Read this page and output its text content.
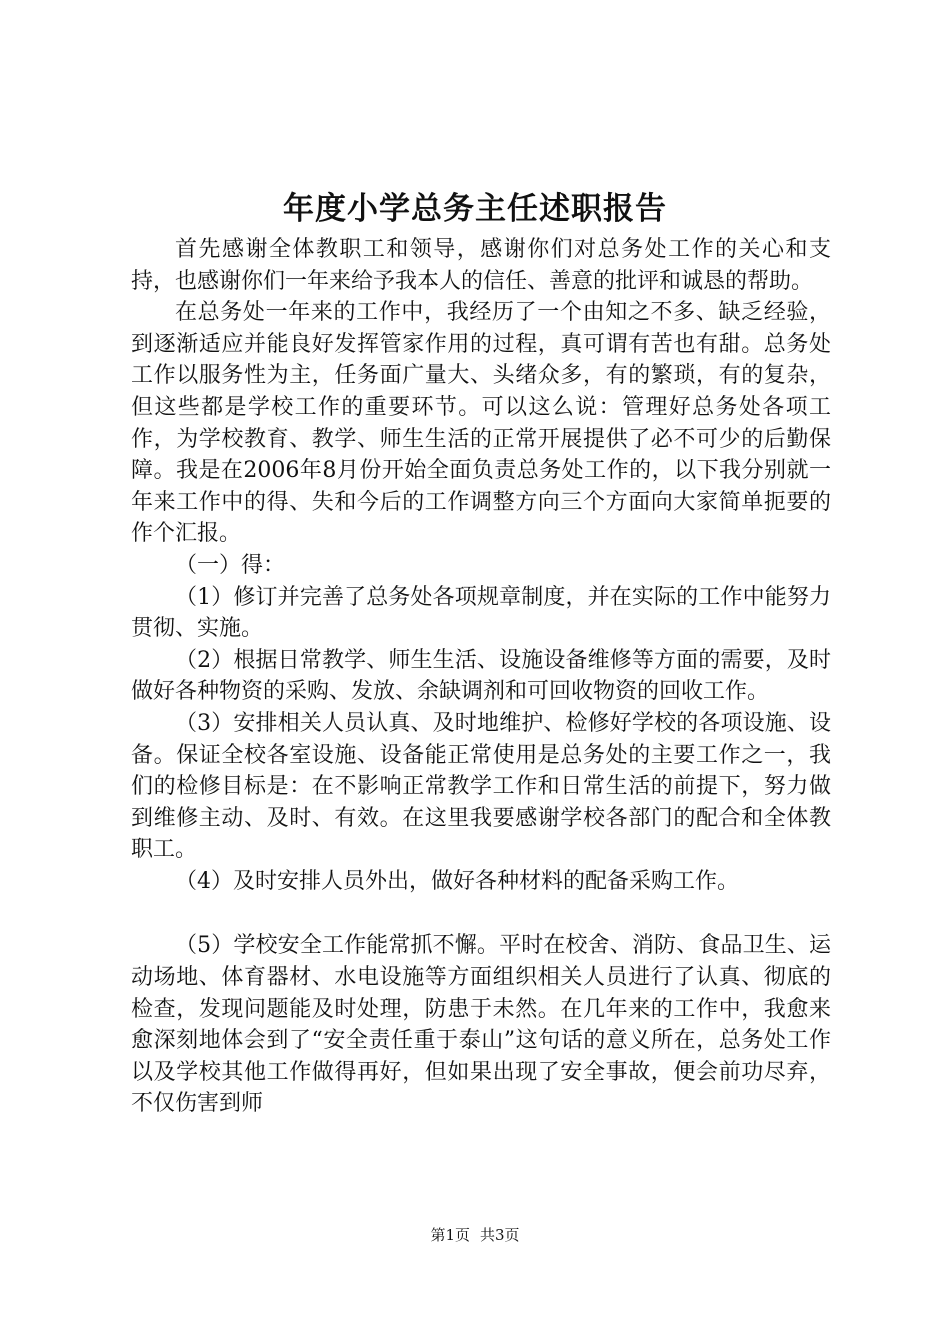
年度小学总务主任述职报告

首先感谢全体教职工和领导，感谢你们对总务处工作的关心和支持，也感谢你们一年来给予我本人的信任、善意的批评和诚恳的帮助。

在总务处一年来的工作中，我经历了一个由知之不多、缺乏经验，到逐渐适应并能良好发挥管家作用的过程，真可谓有苦也有甜。总务处工作以服务性为主，任务面广量大、头绪众多，有的繁琐，有的复杂，但这些都是学校工作的重要环节。可以这么说：管理好总务处各项工作，为学校教育、教学、师生生活的正常开展提供了必不可少的后勤保障。我是在2006年8月份开始全面负责总务处工作的，以下我分别就一年来工作中的得、失和今后的工作调整方向三个方面向大家简单扼要的作个汇报。

（一）得：

（1）修订并完善了总务处各项规章制度，并在实际的工作中能努力贯彻、实施。

（2）根据日常教学、师生生活、设施设备维修等方面的需要，及时做好各种物资的采购、发放、余缺调剂和可回收物资的回收工作。

（3）安排相关人员认真、及时地维护、检修好学校的各项设施、设备。保证全校各室设施、设备能正常使用是总务处的主要工作之一，我们的检修目标是：在不影响正常教学工作和日常生活的前提下，努力做到维修主动、及时、有效。在这里我要感谢学校各部门的配合和全体教职工。

（4）及时安排人员外出，做好各种材料的配备采购工作。

（5）学校安全工作能常抓不懈。平时在校舍、消防、食品卫生、运动场地、体育器材、水电设施等方面组织相关人员进行了认真、彻底的检查，发现问题能及时处理，防患于未然。在几年来的工作中，我愈来愈深刻地体会到了“安全责任重于泰山”这句话的意义所在，总务处工作以及学校其他工作做得再好，但如果出现了安全事故，便会前功尽弃，不仅伤害到师

第1页 共3页
